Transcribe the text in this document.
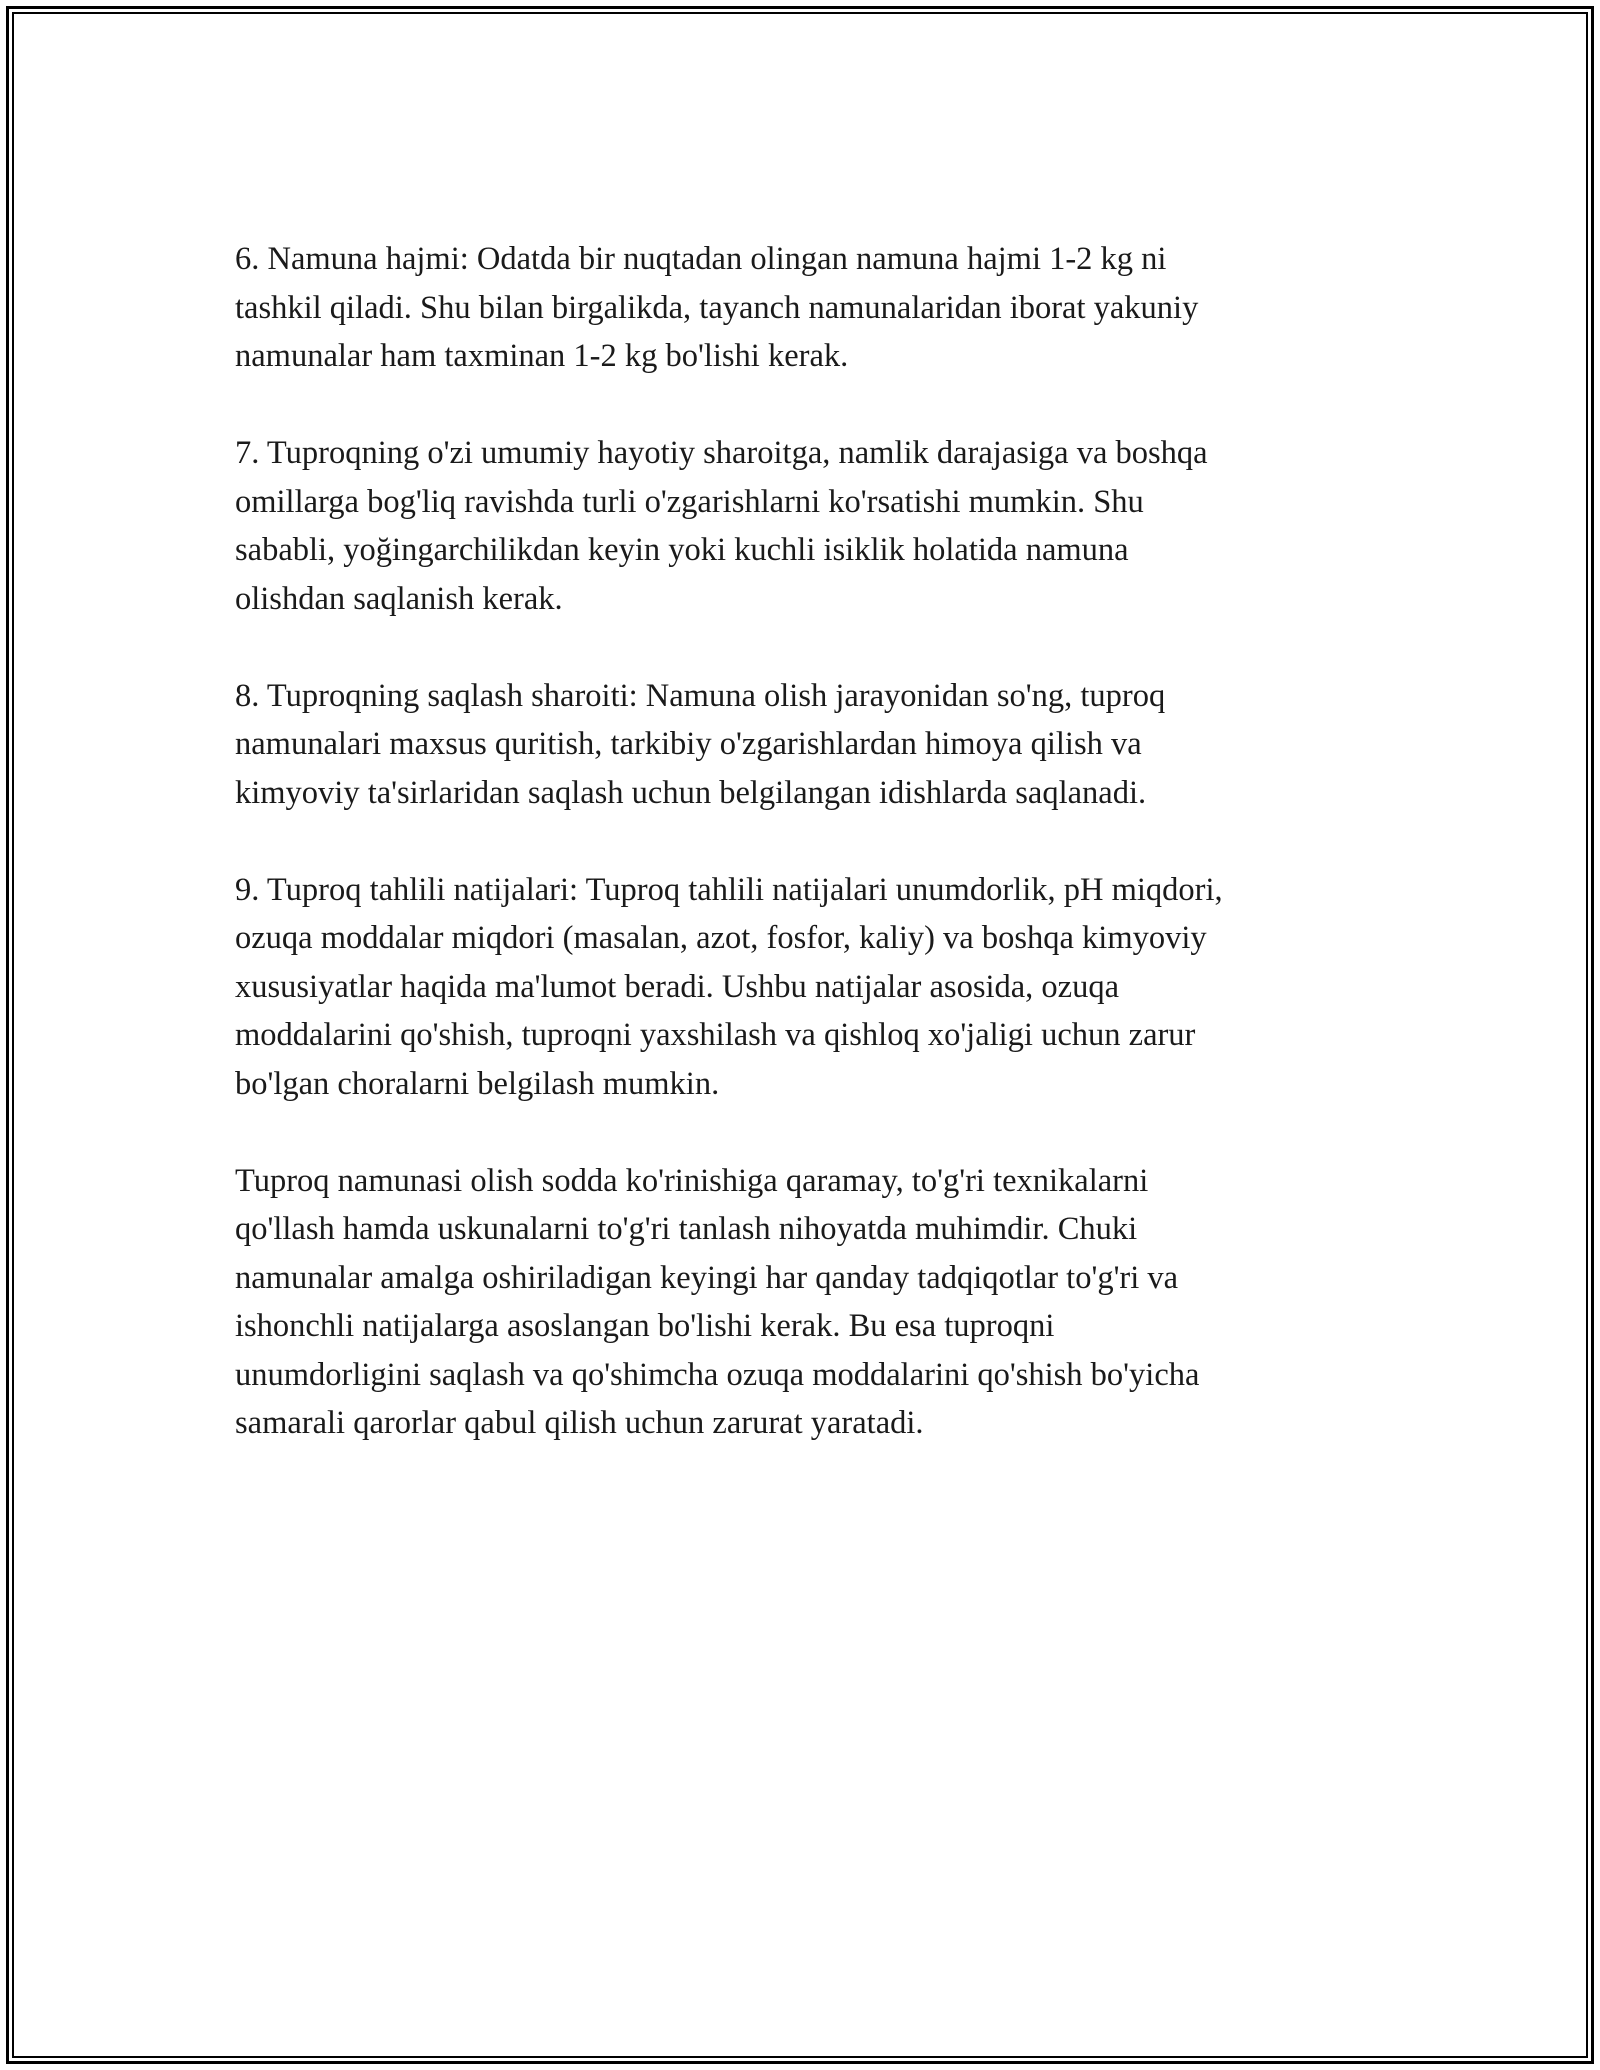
6. Namuna hajmi: Odatda bir nuqtadan olingan namuna hajmi 1-2 kg ni
tashkil qiladi. Shu bilan birgalikda, tayanch namunalaridan iborat yakuniy
namunalar ham taxminan 1-2 kg bo'lishi kerak.

7. Tuproqning o'zi umumiy hayotiy sharoitga, namlik darajasiga va boshqa
omillarga bog'liq ravishda turli o'zgarishlarni ko'rsatishi mumkin. Shu
sababli, yoğingarchilikdan keyin yoki kuchli isiklik holatida namuna
olishdan saqlanish kerak.

8. Tuproqning saqlash sharoiti: Namuna olish jarayonidan so'ng, tuproq
namunalari maxsus quritish, tarkibiy o'zgarishlardan himoya qilish va
kimyoviy ta'sirlaridan saqlash uchun belgilangan idishlarda saqlanadi.

9. Tuproq tahlili natijalari: Tuproq tahlili natijalari unumdorlik, pH miqdori,
ozuqa moddalar miqdori (masalan, azot, fosfor, kaliy) va boshqa kimyoviy
xususiyatlar haqida ma'lumot beradi. Ushbu natijalar asosida, ozuqa
moddalarini qo'shish, tuproqni yaxshilash va qishloq xo'jaligi uchun zarur
bo'lgan choralarni belgilash mumkin.

Tuproq namunasi olish sodda ko'rinishiga qaramay, to'g'ri texnikalarni
qo'llash hamda uskunalarni to'g'ri tanlash nihoyatda muhimdir. Chuki
namunalar amalga oshiriladigan keyingi har qanday tadqiqotlar to'g'ri va
ishonchli natijalarga asoslangan bo'lishi kerak. Bu esa tuproqni
unumdorligini saqlash va qo'shimcha ozuqa moddalarini qo'shish bo'yicha
samarali qarorlar qabul qilish uchun zarurat yaratadi.
